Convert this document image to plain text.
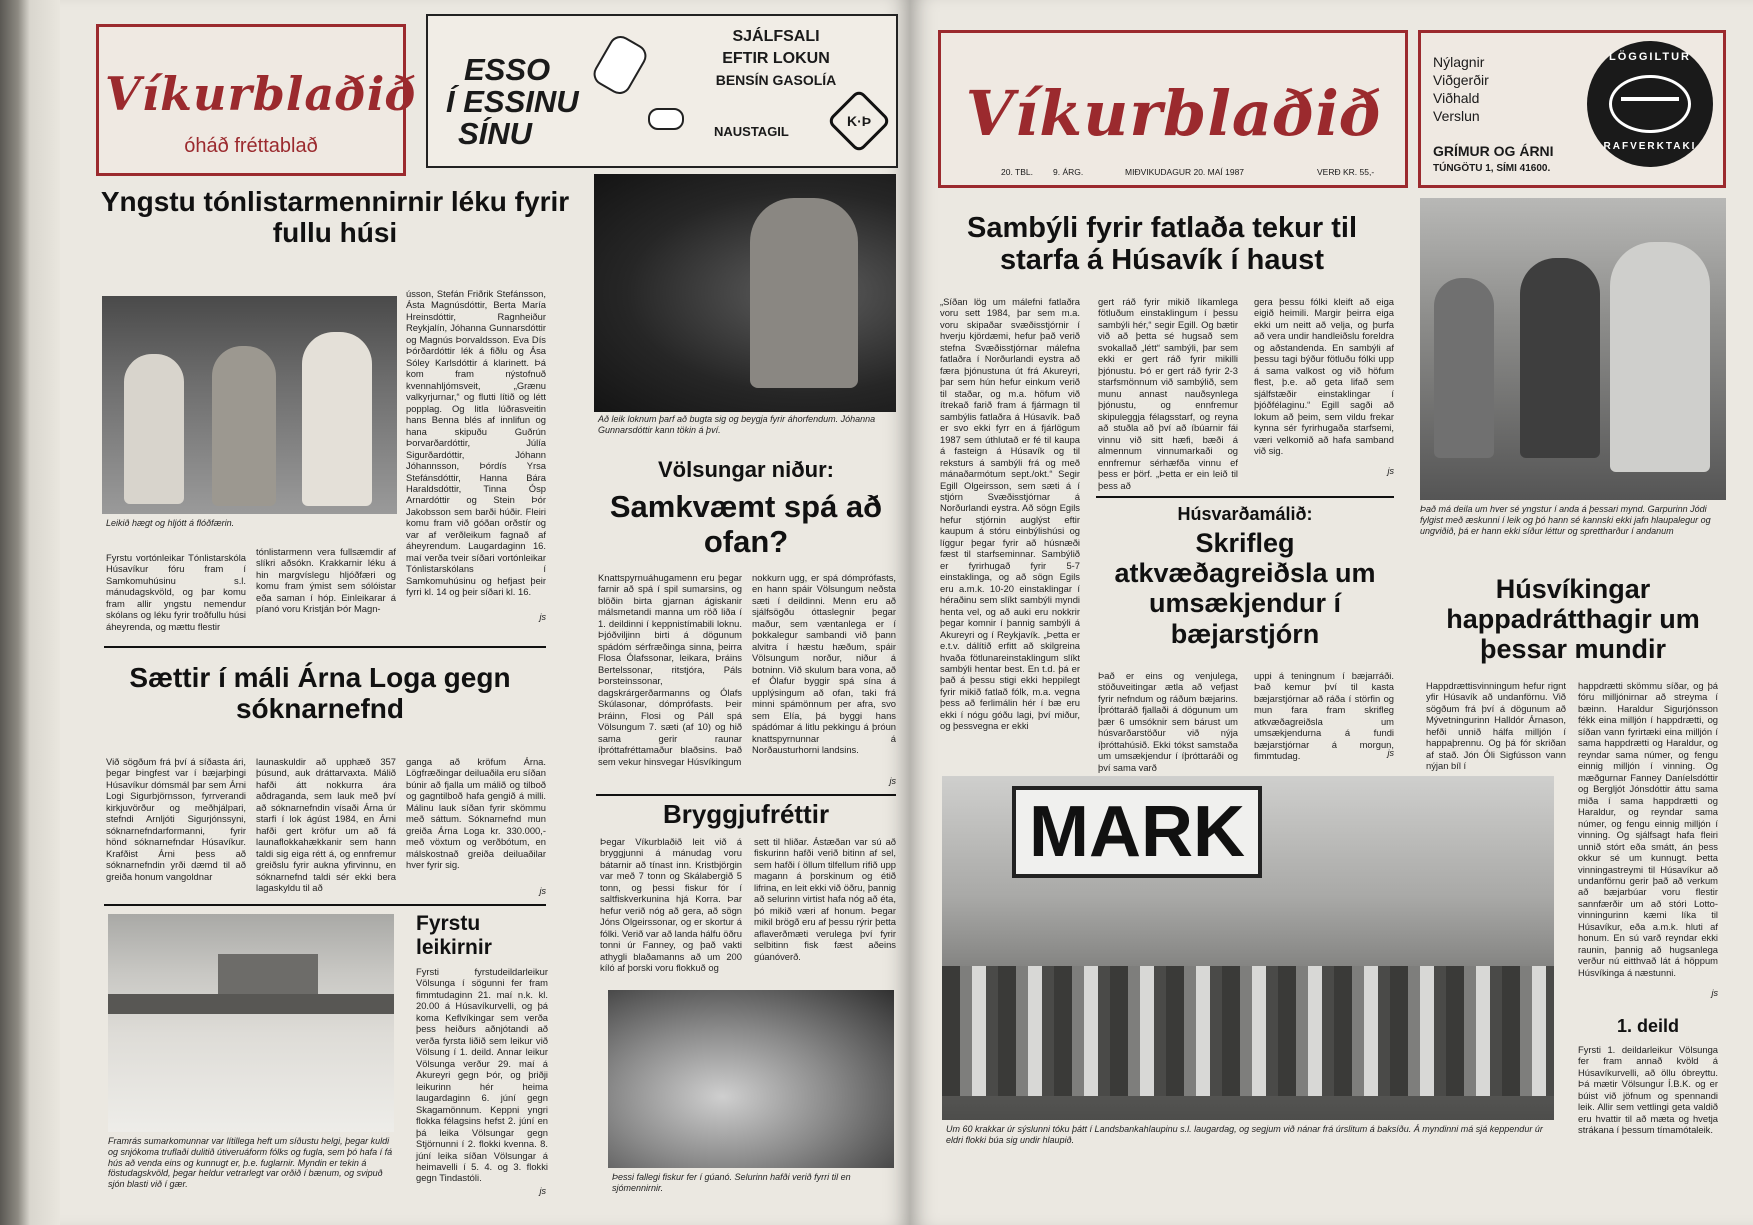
Víkurblaðið
óháð fréttablað
ESSO
Í ESSINU
SÍNU
SJÁLFSALI
EFTIR LOKUN
BENSÍN GASOLÍA
NAUSTAGIL
K·Þ
Yngstu tónlistarmennirnir léku fyrir fullu húsi
Leikið hægt og hljótt á flóðfærin.
Fyrstu vortónleikar Tónlistarskóla Húsavíkur fóru fram í Samkomuhúsinu s.l. mánudagskvöld, og þar komu fram allir yngstu nemendur skólans og léku fyrir troðfullu húsi áheyrenda, og mættu flestir
tónlistarmenn vera fullsæmdir af slíkri aðsókn. Krakkarnir léku á hin margvíslegu hljóðfæri og komu fram ýmist sem sólóistar eða saman í hóp. Einleikarar á píanó voru Kristján Þór Magn-
ússon, Stefán Friðrik Stefánsson, Ásta Magnúsdóttir, Berta María Hreinsdóttir, Ragnheiður Reykjalín, Jóhanna Gunnarsdóttir og Magnús Þorvaldsson. Eva Dís Þórðardóttir lék á fiðlu og Ása Sóley Karlsdóttir á klarinett. Þá kom fram nýstofnuð kvennahljómsveit, „Grænu valkyrjurnar,“ og flutti lítið og létt popplag. Og litla lúðrasveitin hans Benna blés af innlifun og hana skipuðu Guðrún Þorvarðardóttir, Júlía Sigurðardóttir, Jóhann Jóhannsson, Þórdís Yrsa Stefánsdóttir, Hanna Bára Haraldsdóttir, Tinna Ósp Arnardóttir og Stein Þór Jakobsson sem barði húðir. Fleiri komu fram við góðan orðstír og var af verðleikum fagnað af áheyrendum. Laugardaginn 16. maí verða tveir síðari vortónleikar Tónlistarskólans í Samkomuhúsinu og hefjast þeir fyrri kl. 14 og þeir síðari kl. 16.
js
Sættir í máli Árna Loga gegn sóknarnefnd
Við sögðum frá því á síðasta ári, þegar Þingfest var í bæjarþingi Húsavíkur dómsmál þar sem Árni Logi Sigurbjörnsson, fyrrverandi kirkjuvörður og meðhjálpari, stefndi Arnljóti Sigurjónssyni, sóknarnefndarformanni, fyrir hönd sóknarnefndar Húsavíkur. Krafðist Árni þess að sóknarnefndin yrði dæmd til að greiða honum vangoldnar
launaskuldir að upphæð 357 þúsund, auk dráttarvaxta. Málið hafði átt nokkurra ára aðdraganda, sem lauk með því að sóknarnefndin vísaði Árna úr starfi í lok ágúst 1984, en Árni hafði gert kröfur um að fá launaflokkahækkanir sem hann taldi sig eiga rétt á, og ennfremur greiðslu fyrir aukna yfirvinnu, en sóknarnefnd taldi sér ekki bera lagaskyldu til að
ganga að kröfum Árna. Lögfræðingar deiluaðila eru síðan búnir að fjalla um málið og tilboð og gagntilboð hafa gengið á milli. Málinu lauk síðan fyrir skömmu með sáttum. Sóknarnefnd mun greiða Árna Loga kr. 330.000,- með vöxtum og verðbótum, en málskostnað greiða deiluaðilar hver fyrir sig.
js
Framrás sumarkomunnar var lítillega heft um síðustu helgi, þegar kuldi og snjókoma truflaði dulitið útiveruáform fólks og fugla, sem þó hafa í fá hús að venda eins og kunnugt er, þ.e. fuglarnir. Myndin er tekin á föstudagskvöld, þegar heldur vetrarlegt var orðið í bænum, og svipuð sjón blasti við í gær.
Fyrstu leikirnir
Fyrsti fyrstudeildarleikur Völsunga í sögunni fer fram fimmtudaginn 21. maí n.k. kl. 20.00 á Húsavíkurvelli, og þá koma Keflvíkingar sem verða þess heiðurs aðnjótandi að verða fyrsta liðið sem leikur við Völsung í 1. deild. Annar leikur Völsunga verður 29. maí á Akureyri gegn Þór, og þriðji leikurinn hér heima laugardaginn 6. júní gegn Skagamönnum. Keppni yngri flokka félagsins hefst 2. júní en þá leika Völsungar gegn Stjörnunni í 2. flokki kvenna. 8. júní leika síðan Völsungar á heimavelli í 5. 4. og 3. flokki gegn Tindastóli.
js
Að leik loknum þarf að bugta sig og beygja fyrir áhorfendum. Jóhanna Gunnarsdóttir kann tökin á því.
Völsungar niður:
Samkvæmt spá að ofan?
Knattspyrnuáhugamenn eru þegar farnir að spá í spil sumarsins, og blöðin birta gjarnan ágiskanir málsmetandi manna um röð liða í 1. deildinni í keppnistímabili loknu. Þjóðviljinn birti á dögunum spádóm sérfræðinga sinna, þeirra Flosa Ólafssonar, leikara, Þráins Bertelssonar, ritstjóra, Páls Þorsteinssonar, dagskrárgerðarmanns og Ólafs Skúlasonar, dómprófasts. Þeir Þráinn, Flosi og Páll spá Völsungum 7. sæti (af 10) og hið sama gerir raunar íþróttafréttamaður blaðsins. Það sem vekur hinsvegar Húsvíkingum
nokkurn ugg, er spá dómprófasts, en hann spáir Völsungum neðsta sæti í deildinni. Menn eru að sjálfsögðu óttaslegnir þegar maður, sem væntanlega er í þokkalegur sambandi við þann alvitra í hæstu hæðum, spáir Völsungum norður, niður á botninn. Við skulum bara vona, að ef Ólafur byggir spá sína á upplýsingum að ofan, taki frá minni spámönnum per afra, svo sem Elía, þá byggi hans spádómar á litlu pekkingu á þróun knattspyrnunnar á Norðausturhorni landsins.
js
Bryggjufréttir
Þegar Víkurblaðið leit við á bryggjunni á mánudag voru bátarnir að tínast inn. Kristbjörgin var með 7 tonn og Skálabergið 5 tonn, og þessi fiskur fór í saltfiskverkunina hjá Korra. Þar hefur verið nóg að gera, að sögn Jóns Olgeirssonar, og er skortur á fólki. Verið var að landa hálfu öðru tonni úr Fanney, og það vakti athygli blaðamanns að um 200 kíló af þorski voru flokkuð og
sett til hliðar. Ástæðan var sú að fiskurinn hafði verið bitinn af sel, sem hafði í öllum tilfellum rifið upp magann á þorskinum og étið lifrina, en leit ekki við öðru, þannig að selurinn virtist hafa nóg að éta, þó mikið væri af honum. Þegar mikil brögð eru af þessu rýrir þetta aflaverðmæti verulega því fyrir selbitinn fisk fæst aðeins gúanóverð.
Þessi fallegi fiskur fer í gúanó. Selurinn hafði verið fyrri til en sjómennirnir.
Víkurblaðið
20. TBL. 9. ÁRG.	MIÐVIKUDAGUR 20. MAÍ 1987	VERÐ KR. 55,-
Nýlagnir
Viðgerðir
Viðhald
Verslun
GRÍMUR OG ÁRNI
TÚNGÖTU 1, SÍMI 41600.
LÖGGILTUR
RAFVERKTAKI
Sambýli fyrir fatlaða tekur til starfa á Húsavík í haust
„Síðan lög um málefni fatlaðra voru sett 1984, þar sem m.a. voru skipaðar svæðisstjórnir í hverju kjördæmi, hefur það verið stefna Svæðisstjórnar málefna fatlaðra í Norðurlandi eystra að færa þjónustuna út frá Akureyri, þar sem hún hefur einkum verið til staðar, og m.a. höfum við ítrekað farið fram á fjármagn til sambýlis fatlaðra á Húsavík. Það er svo ekki fyrr en á fjárlögum 1987 sem úthlutað er fé til kaupa á fasteign á Húsavík og til reksturs á sambýli frá og með mánaðarmótum sept./okt.“ Segir Egill Olgeirsson, sem sæti á í stjórn Svæðisstjórnar á Norðurlandi eystra. Að sögn Egils hefur stjórnin auglýst eftir kaupum á stóru einbýlishúsi og líggur þegar fyrir að húsnæði fæst til starfseminnar. Sambýlið er fyrirhugað fyrir 5-7 einstaklinga, og að sögn Egils eru a.m.k. 10-20 einstaklingar í héraðinu sem slíkt sambýli myndi henta vel, og að auki eru nokkrir þegar komnir í þannig sambýli á Akureyri og í Reykjavík. „Þetta er e.t.v. dálítið erfitt að skilgreina hvaða fötlunareinstaklingum slíkt sambýli hentar best. En t.d. þá er það á þessu stigi ekki heppilegt fyrir mikið fatlað fólk, m.a. vegna þess að ferlimálin hér í bæ eru ekki í nógu góðu lagi, því miður, og þessvegna er ekki
gert ráð fyrir mikið líkamlega fötluðum einstaklingum í þessu sambýli hér,“ segir Egill. Og bætir við að þetta sé hugsað sem svokallað „létt“ sambýli, þar sem ekki er gert ráð fyrir mikilli þjónustu. Þó er gert ráð fyrir 2-3 starfsmönnum við sambýlið, sem munu annast nauðsynlega þjónustu, og ennfremur skipuleggja félagsstarf, og reyna að stuðla að því að íbúarnir fái vinnu við sitt hæfi, bæði á almennum vinnumarkaði og ennfremur sérhæfða vinnu ef þess er þörf. „Þetta er ein leið til þess að
gera þessu fólki kleift að eiga eigið heimili. Margir þeirra eiga ekki um neitt að velja, og þurfa að vera undir handleiðslu foreldra og aðstandenda. En sambýli af þessu tagi býður fötluðu fólki upp á sama valkost og við höfum flest, þ.e. að geta lifað sem sjálfstæðir einstaklingar í þjóðfélaginu.“ Egill sagði að lokum að þeim, sem vildu frekar kynna sér fyrirhugaða starfsemi, væri velkomið að hafa samband við sig.
js
Húsvarðamálið:
Skrifleg atkvæðagreiðsla um umsækjendur í bæjarstjórn
Það er eins og venjulega, stöðuveitingar ætla að vefjast fyrir nefndum og ráðum bæjarins. Íþróttaráð fjallaði á dögunum um þær 6 umsóknir sem bárust um húsvarðarstöður við nýja íþróttahúsið. Ekki tókst samstaða um umsækjendur í íþróttaráði og því sama varð
uppi á teningnum í bæjarráði. Það kemur því til kasta bæjarstjórnar að ráða í störfin og mun fara fram skrifleg atkvæðagreiðsla um umsækjendurna á fundi bæjarstjórnar á morgun, fimmtudag.	js
Það má deila um hver sé yngstur í anda á þessari mynd. Garpurinn Jódi fylgist með æskunni í leik og þó hann sé kannski ekki jafn hlaupalegur og ungviðið, þá er hann ekki síður léttur og sprettharður í andanum
Húsvíkingar happadrátthagir um þessar mundir
Happdrættisvinningum hefur rignt yfir Húsavík að undanförnu. Við sögðum frá því á dögunum að Mývetningurinn Halldór Árnason, hefði unnið hálfa milljón í happaþrennu. Og þá fór skriðan af stað. Jón Óli Sigfússon vann nýjan bíl í
happdrætti skömmu síðar, og þá fóru milljónirnar að streyma í bæinn. Haraldur Sigurjónsson fékk eina milljón í happdrætti, og síðan vann fyrirtæki eina milljón í sama happdrætti og Haraldur, og reyndar sama númer, og fengu einnig milljón í vinning. Og mæðgurnar Fanney Daníelsdóttir og Bergljót Jónsdóttir áttu sama miða í sama happdrætti og Haraldur, og reyndar sama númer, og fengu einnig milljón í vinning. Og sjálfsagt hafa fleiri unnið stórt eða smátt, án þess okkur sé um kunnugt. Þetta vinningastreymi til Húsavíkur að undanförnu gerir það að verkum að bæjarbúar voru flestir sannfærðir um að stóri Lotto-vinningurinn kæmi líka til Húsavíkur, eða a.m.k. hluti af honum. En sú varð reyndar ekki raunin, þannig að hugsanlega verður nú eitthvað lát á höppum Húsvíkinga á næstunni.
js
1. deild
Fyrsti 1. deildarleikur Völsunga fer fram annað kvöld á Húsavíkurvelli, að öllu óbreyttu. Þá mætir Völsungur Í.B.K. og er búist við jöfnum og spennandi leik. Allir sem vettlingi geta valdið eru hvattir til að mæta og hvetja strákana í þessum tímamótaleik.
MARK
Um 60 krakkar úr sýslunni tóku þátt í Landsbankahlaupinu s.l. laugardag, og segjum við nánar frá úrslitum á baksíðu. Á myndinni má sjá keppendur úr eldri flokki búa sig undir hlaupið.
